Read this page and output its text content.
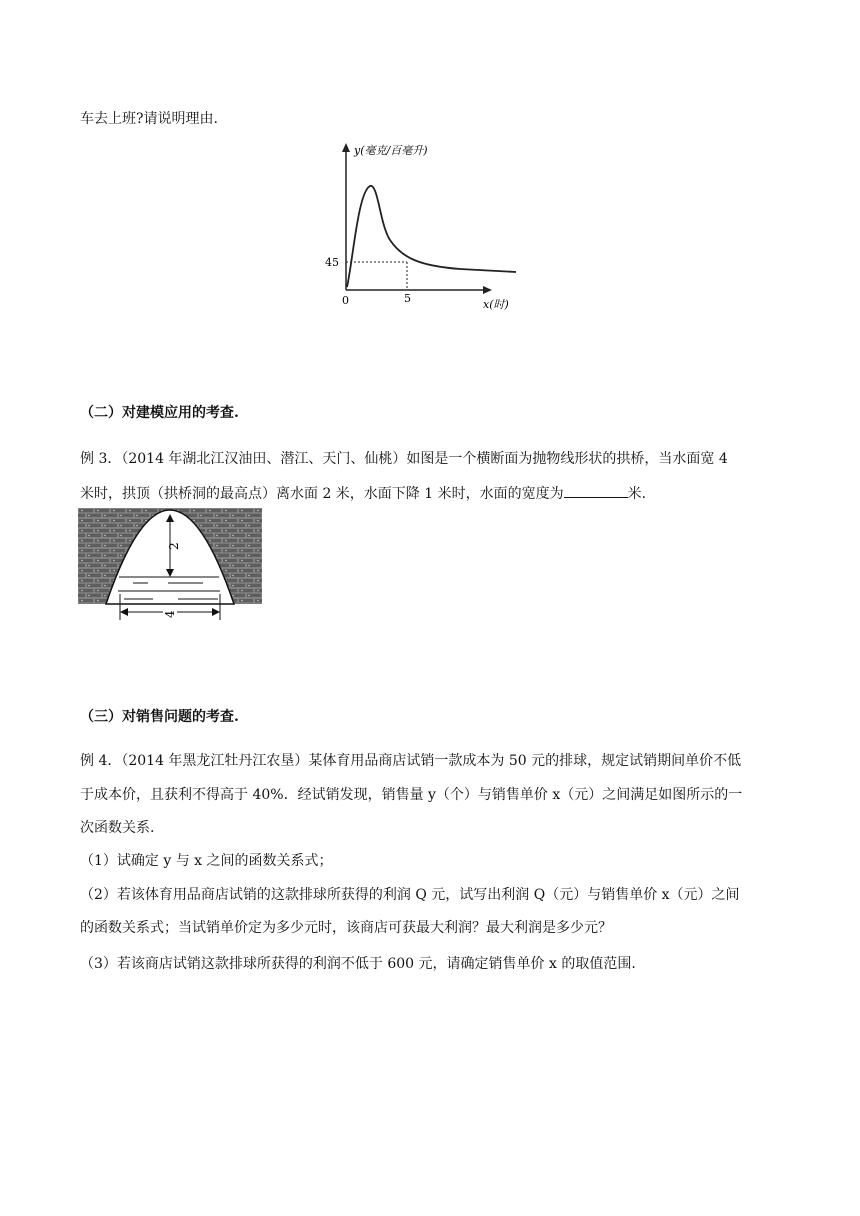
车去上班?请说明理由.
y(毫克/百毫升)
x(时)
0
45
5
（二）对建模应用的考查.
例 3．（2014 年湖北江汉油田、潜江、天门、仙桃）如图是一个横断面为抛物线形状的拱桥，当水面宽 4
米时，拱顶（拱桥洞的最高点）离水面 2 米，水面下降 1 米时，水面的宽度为	米.
2
4
（三）对销售问题的考查.
例 4．（2014 年黑龙江牡丹江农垦）某体育用品商店试销一款成本为 50 元的排球，规定试销期间单价不低
于成本价，且获利不得高于 40%．经试销发现，销售量 y（个）与销售单价 x（元）之间满足如图所示的一
次函数关系.
（1）试确定 y 与 x 之间的函数关系式；
（2）若该体育用品商店试销的这款排球所获得的利润 Q 元，试写出利润 Q（元）与销售单价 x（元）之间
的函数关系式；当试销单价定为多少元时，该商店可获最大利润？最大利润是多少元？
（3）若该商店试销这款排球所获得的利润不低于 600 元，请确定销售单价 x 的取值范围.
